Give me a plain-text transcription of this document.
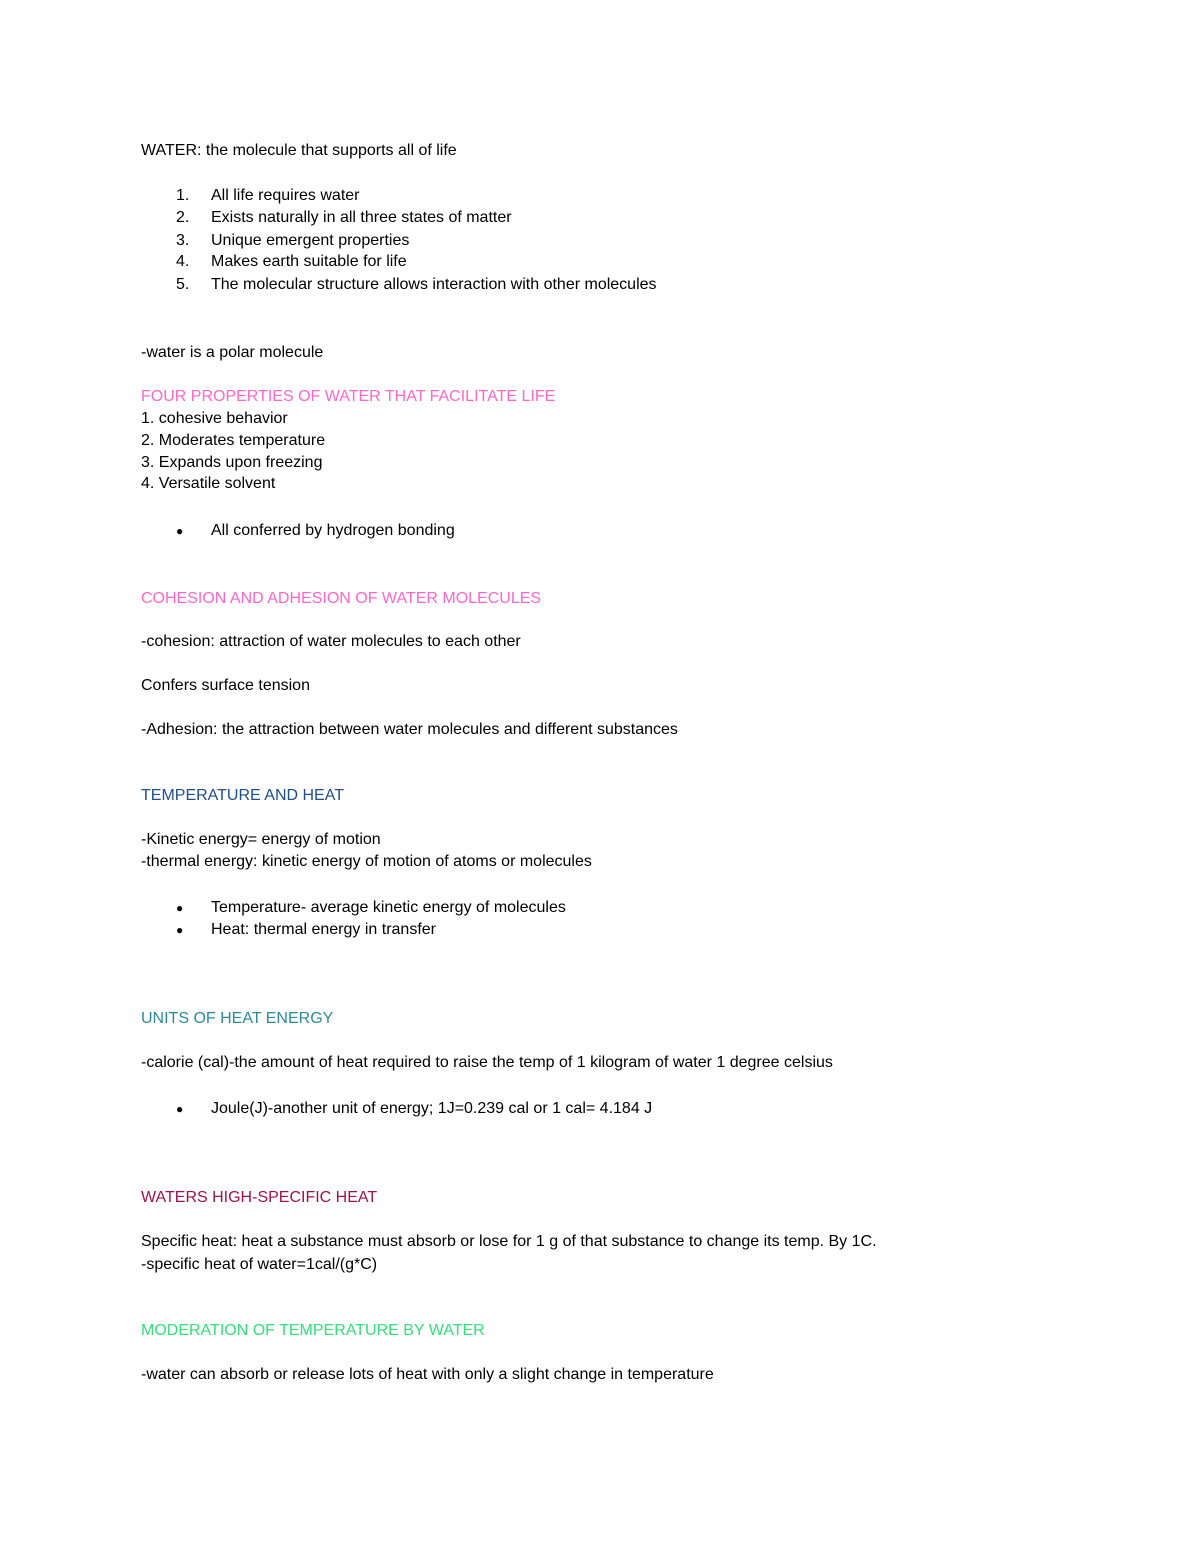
WATER: the molecule that supports all of life
1. All life requires water
2. Exists naturally in all three states of matter
3. Unique emergent properties
4. Makes earth suitable for life
5. The molecular structure allows interaction with other molecules
-water is a polar molecule
FOUR PROPERTIES OF WATER THAT FACILITATE LIFE
1. cohesive behavior
2. Moderates temperature
3. Expands upon freezing
4. Versatile solvent
● All conferred by hydrogen bonding
COHESION AND ADHESION OF WATER MOLECULES
-cohesion: attraction of water molecules to each other
Confers surface tension
-Adhesion: the attraction between water molecules and different substances
TEMPERATURE AND HEAT
-Kinetic energy= energy of motion
-thermal energy: kinetic energy of motion of atoms or molecules
● Temperature- average kinetic energy of molecules
● Heat: thermal energy in transfer
UNITS OF HEAT ENERGY
-calorie (cal)-the amount of heat required to raise the temp of 1 kilogram of water 1 degree celsius
● Joule(J)-another unit of energy; 1J=0.239 cal or 1 cal= 4.184 J
WATERS HIGH-SPECIFIC HEAT
Specific heat: heat a substance must absorb or lose for 1 g of that substance to change its temp. By 1C.
-specific heat of water=1cal/(g*C)
MODERATION OF TEMPERATURE BY WATER
-water can absorb or release lots of heat with only a slight change in temperature
